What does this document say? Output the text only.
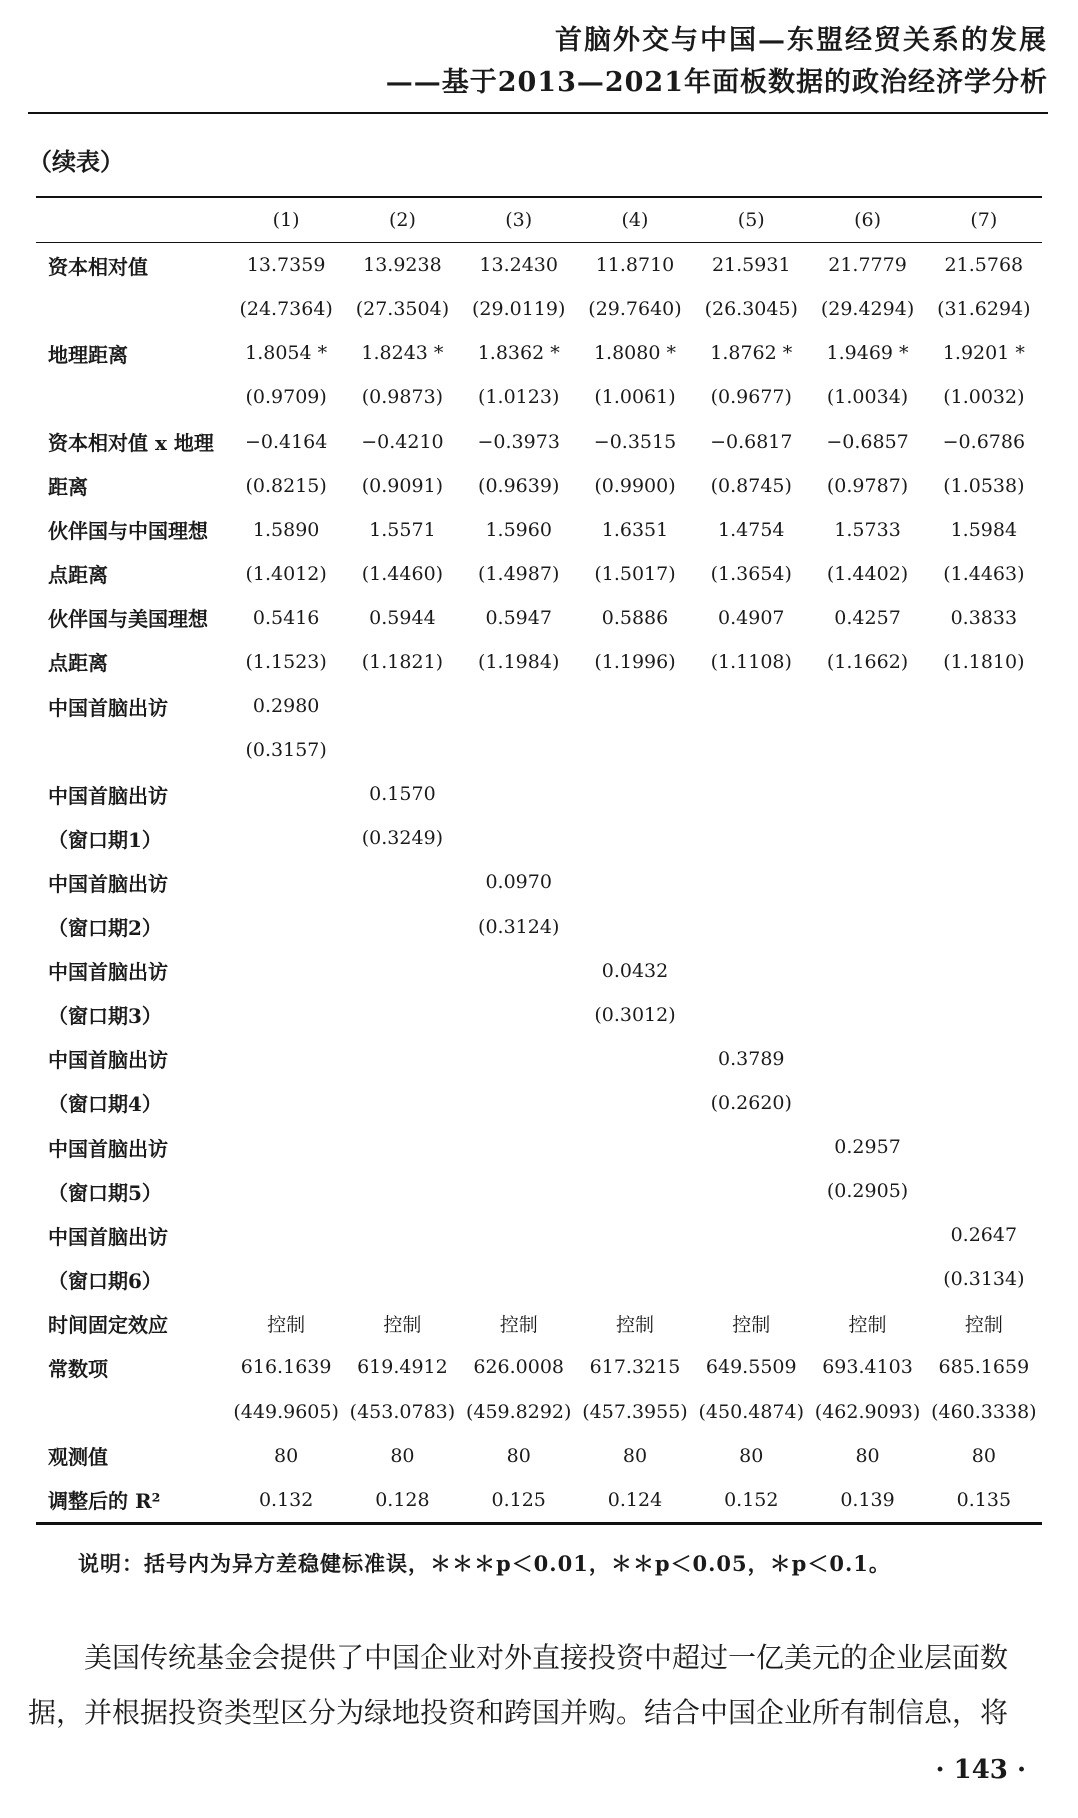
首脑外交与中国—东盟经贸关系的发展
——基于2013—2021年面板数据的政治经济学分析
（续表）
	(1)	(2)	(3)	(4)	(5)	(6)	(7)
资本相对值	13.7359	13.9238	13.2430	11.8710	21.5931	21.7779	21.5768
	(24.7364)	(27.3504)	(29.0119)	(29.7640)	(26.3045)	(29.4294)	(31.6294)
地理距离	1.8054 *	1.8243 *	1.8362 *	1.8080 *	1.8762 *	1.9469 *	1.9201 *
	(0.9709)	(0.9873)	(1.0123)	(1.0061)	(0.9677)	(1.0034)	(1.0032)
资本相对值 x 地理	−0.4164	−0.4210	−0.3973	−0.3515	−0.6817	−0.6857	−0.6786
距离	(0.8215)	(0.9091)	(0.9639)	(0.9900)	(0.8745)	(0.9787)	(1.0538)
伙伴国与中国理想	1.5890	1.5571	1.5960	1.6351	1.4754	1.5733	1.5984
点距离	(1.4012)	(1.4460)	(1.4987)	(1.5017)	(1.3654)	(1.4402)	(1.4463)
伙伴国与美国理想	0.5416	0.5944	0.5947	0.5886	0.4907	0.4257	0.3833
点距离	(1.1523)	(1.1821)	(1.1984)	(1.1996)	(1.1108)	(1.1662)	(1.1810)
中国首脑出访	0.2980						
	(0.3157)						
中国首脑出访		0.1570					
（窗口期1）		(0.3249)					
中国首脑出访			0.0970				
（窗口期2）			(0.3124)				
中国首脑出访				0.0432			
（窗口期3）				(0.3012)			
中国首脑出访					0.3789		
（窗口期4）					(0.2620)		
中国首脑出访						0.2957	
（窗口期5）						(0.2905)	
中国首脑出访							0.2647
（窗口期6）							(0.3134)
时间固定效应	控制	控制	控制	控制	控制	控制	控制
常数项	616.1639	619.4912	626.0008	617.3215	649.5509	693.4103	685.1659
	(449.9605)	(453.0783)	(459.8292)	(457.3955)	(450.4874)	(462.9093)	(460.3338)
观测值	80	80	80	80	80	80	80
调整后的 R²	0.132	0.128	0.125	0.124	0.152	0.139	0.135
说明：括号内为异方差稳健标准误，＊＊＊p＜0.01，＊＊p＜0.05，＊p＜0.1。
美国传统基金会提供了中国企业对外直接投资中超过一亿美元的企业层面数据，并根据投资类型区分为绿地投资和跨国并购。结合中国企业所有制信息，将
· 143 ·
